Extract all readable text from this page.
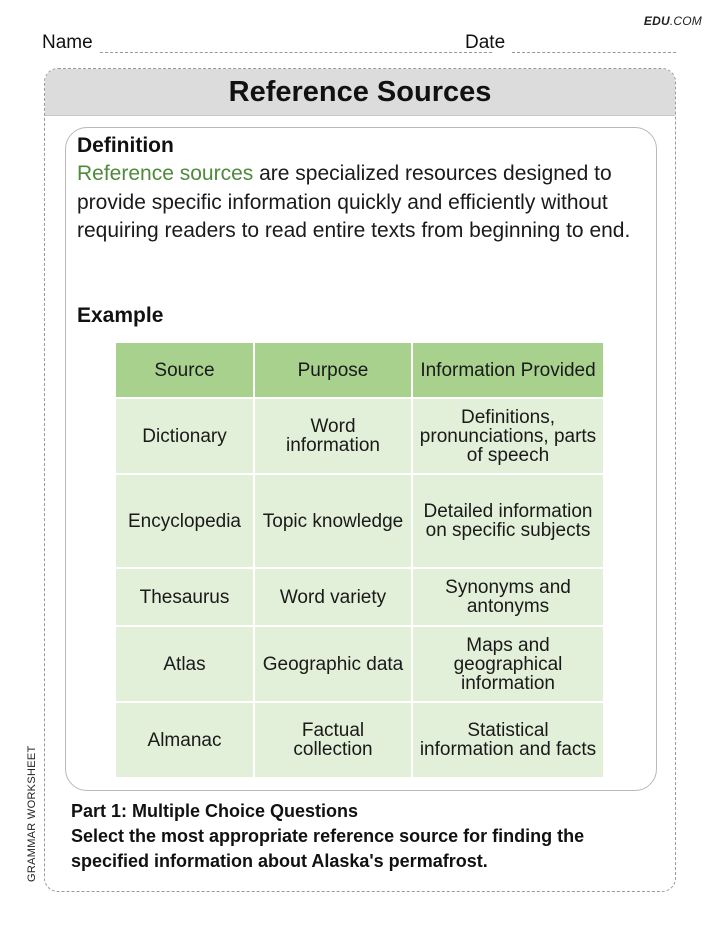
EDU.COM
Name	Date
Reference Sources
Definition
Reference sources are specialized resources designed to provide specific information quickly and efficiently without requiring readers to read entire texts from beginning to end.
Example
Source	Purpose	Information Provided
Dictionary	Word information	Definitions, pronunciations, parts of speech
Encyclopedia	Topic knowledge	Detailed information on specific subjects
Thesaurus	Word variety	Synonyms and antonyms
Atlas	Geographic data	Maps and geographical information
Almanac	Factual collection	Statistical information and facts
Part 1: Multiple Choice Questions
Select the most appropriate reference source for finding the specified information about Alaska's permafrost.
GRAMMAR WORKSHEET
